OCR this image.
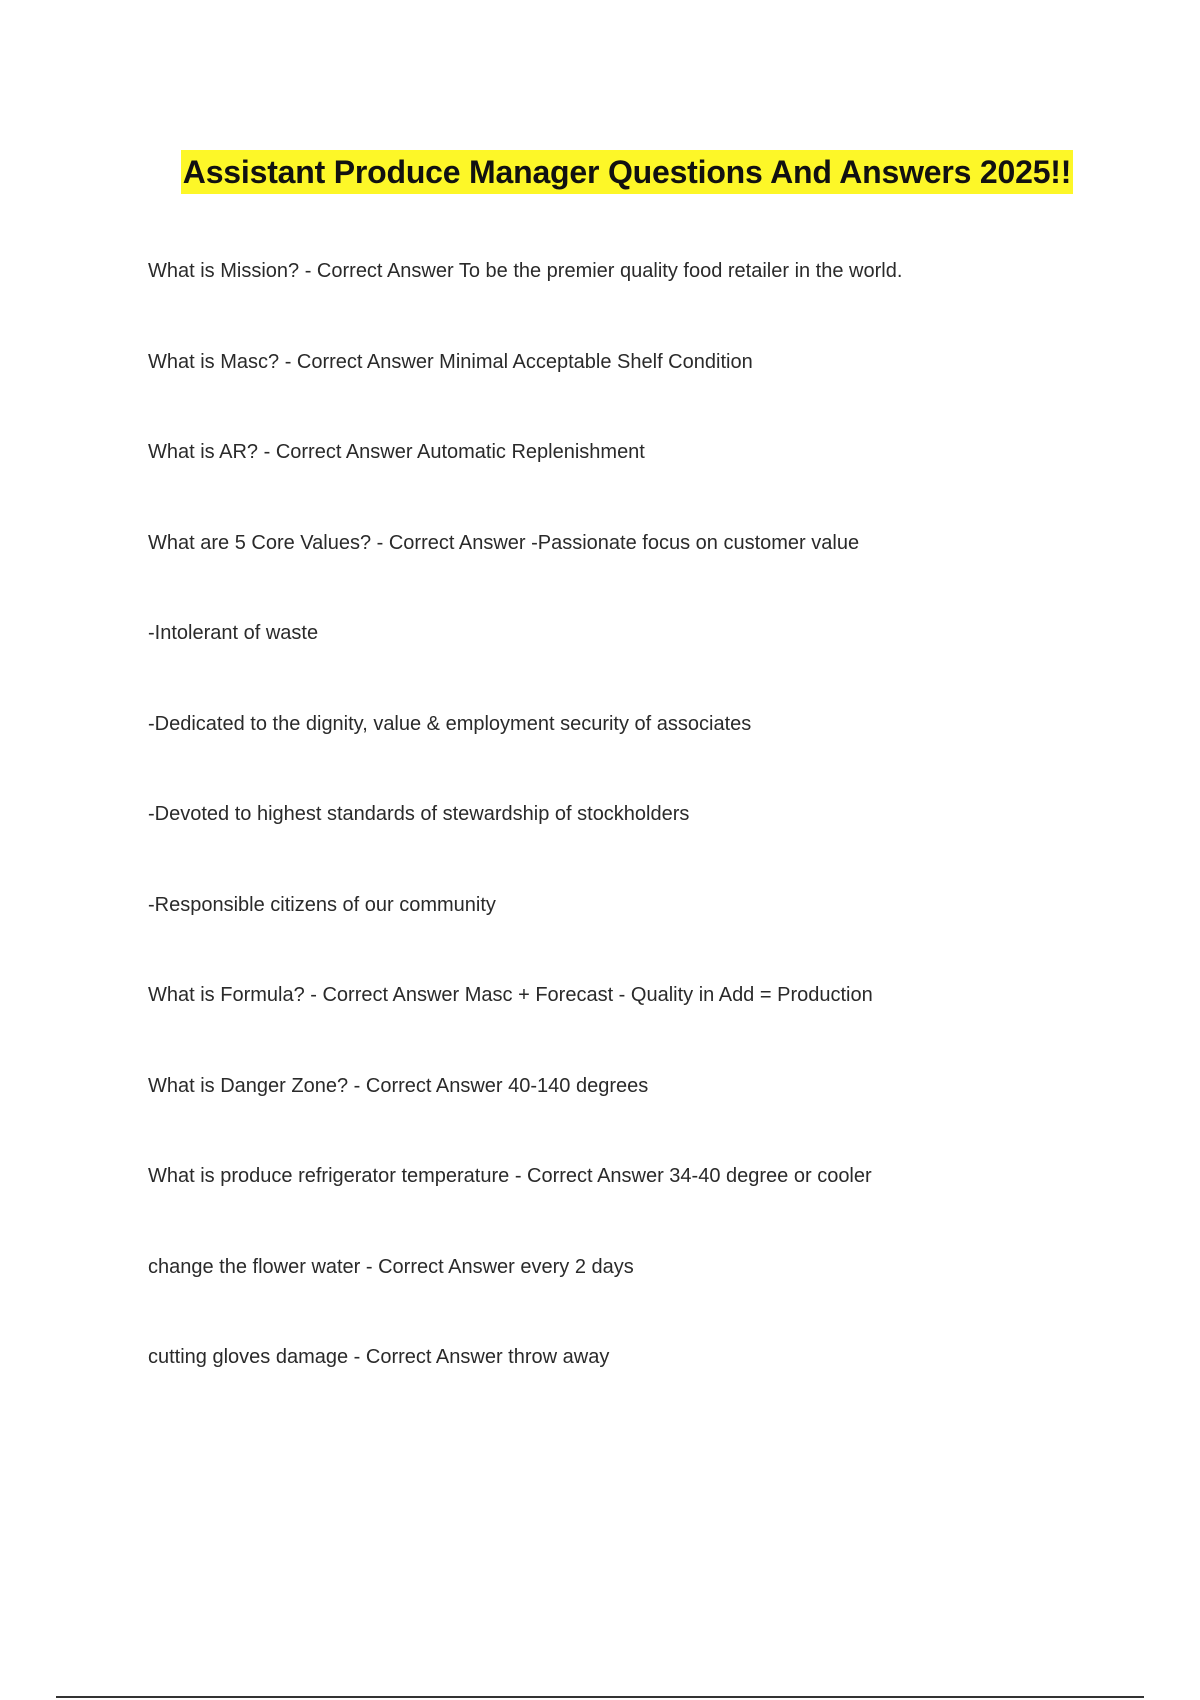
Assistant Produce Manager Questions And Answers 2025!!
What is Mission? - Correct Answer To be the premier quality food retailer in the world.
What is Masc? - Correct Answer Minimal Acceptable Shelf Condition
What is AR? - Correct Answer Automatic Replenishment
What are 5 Core Values? - Correct Answer -Passionate focus on customer value
-Intolerant of waste
-Dedicated to the dignity, value & employment security of associates
-Devoted to highest standards of stewardship of stockholders
-Responsible citizens of our community
What is Formula? - Correct Answer Masc + Forecast - Quality in Add = Production
What is Danger Zone? - Correct Answer 40-140 degrees
What is produce refrigerator temperature - Correct Answer 34-40 degree or cooler
change the flower water - Correct Answer every 2 days
cutting gloves damage - Correct Answer throw away
